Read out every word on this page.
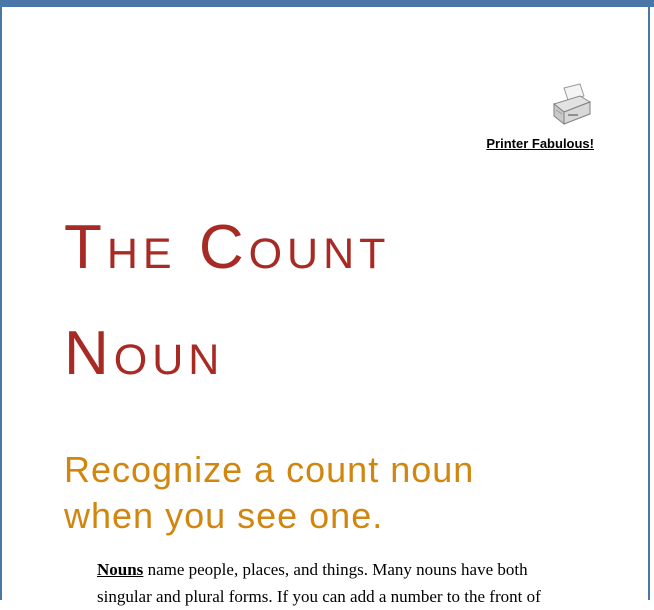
Printer Fabulous!
The Count
Noun
Recognize a count noun
when you see one.

Nouns name people, places, and things. Many nouns have both
singular and plural forms. If you can add a number to the front of
